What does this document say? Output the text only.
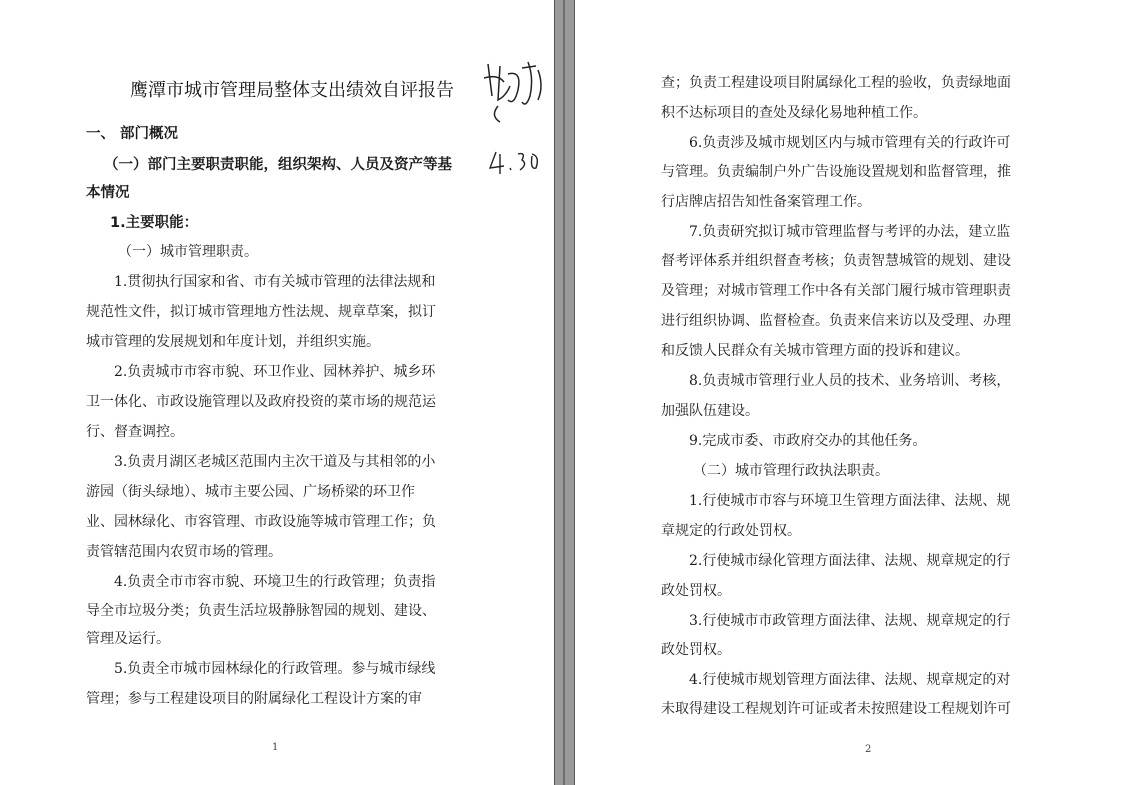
鹰潭市城市管理局整体支出绩效自评报告
4.30
一、 部门概况
（一）部门主要职责职能，组织架构、人员及资产等基
本情况
1.主要职能：
（一）城市管理职责。
1.贯彻执行国家和省、市有关城市管理的法律法规和
规范性文件，拟订城市管理地方性法规、规章草案，拟订
城市管理的发展规划和年度计划，并组织实施。
2.负责城市市容市貌、环卫作业、园林养护、城乡环
卫一体化、市政设施管理以及政府投资的菜市场的规范运
行、督查调控。
3.负责月湖区老城区范围内主次干道及与其相邻的小
游园（街头绿地）、城市主要公园、广场桥梁的环卫作
业、园林绿化、市容管理、市政设施等城市管理工作；负
责管辖范围内农贸市场的管理。
4.负责全市市容市貌、环境卫生的行政管理；负责指
导全市垃圾分类；负责生活垃圾静脉智园的规划、建设、
管理及运行。
5.负责全市城市园林绿化的行政管理。参与城市绿线
管理；参与工程建设项目的附属绿化工程设计方案的审
1
查；负责工程建设项目附属绿化工程的验收，负责绿地面
积不达标项目的查处及绿化易地种植工作。
6.负责涉及城市规划区内与城市管理有关的行政许可
与管理。负责编制户外广告设施设置规划和监督管理，推
行店牌店招告知性备案管理工作。
7.负责研究拟订城市管理监督与考评的办法，建立监
督考评体系并组织督查考核；负责智慧城管的规划、建设
及管理；对城市管理工作中各有关部门履行城市管理职责
进行组织协调、监督检查。负责来信来访以及受理、办理
和反馈人民群众有关城市管理方面的投诉和建议。
8.负责城市管理行业人员的技术、业务培训、考核，
加强队伍建设。
9.完成市委、市政府交办的其他任务。
（二）城市管理行政执法职责。
1.行使城市市容与环境卫生管理方面法律、法规、规
章规定的行政处罚权。
2.行使城市绿化管理方面法律、法规、规章规定的行
政处罚权。
3.行使城市市政管理方面法律、法规、规章规定的行
政处罚权。
4.行使城市规划管理方面法律、法规、规章规定的对
未取得建设工程规划许可证或者未按照建设工程规划许可
2
